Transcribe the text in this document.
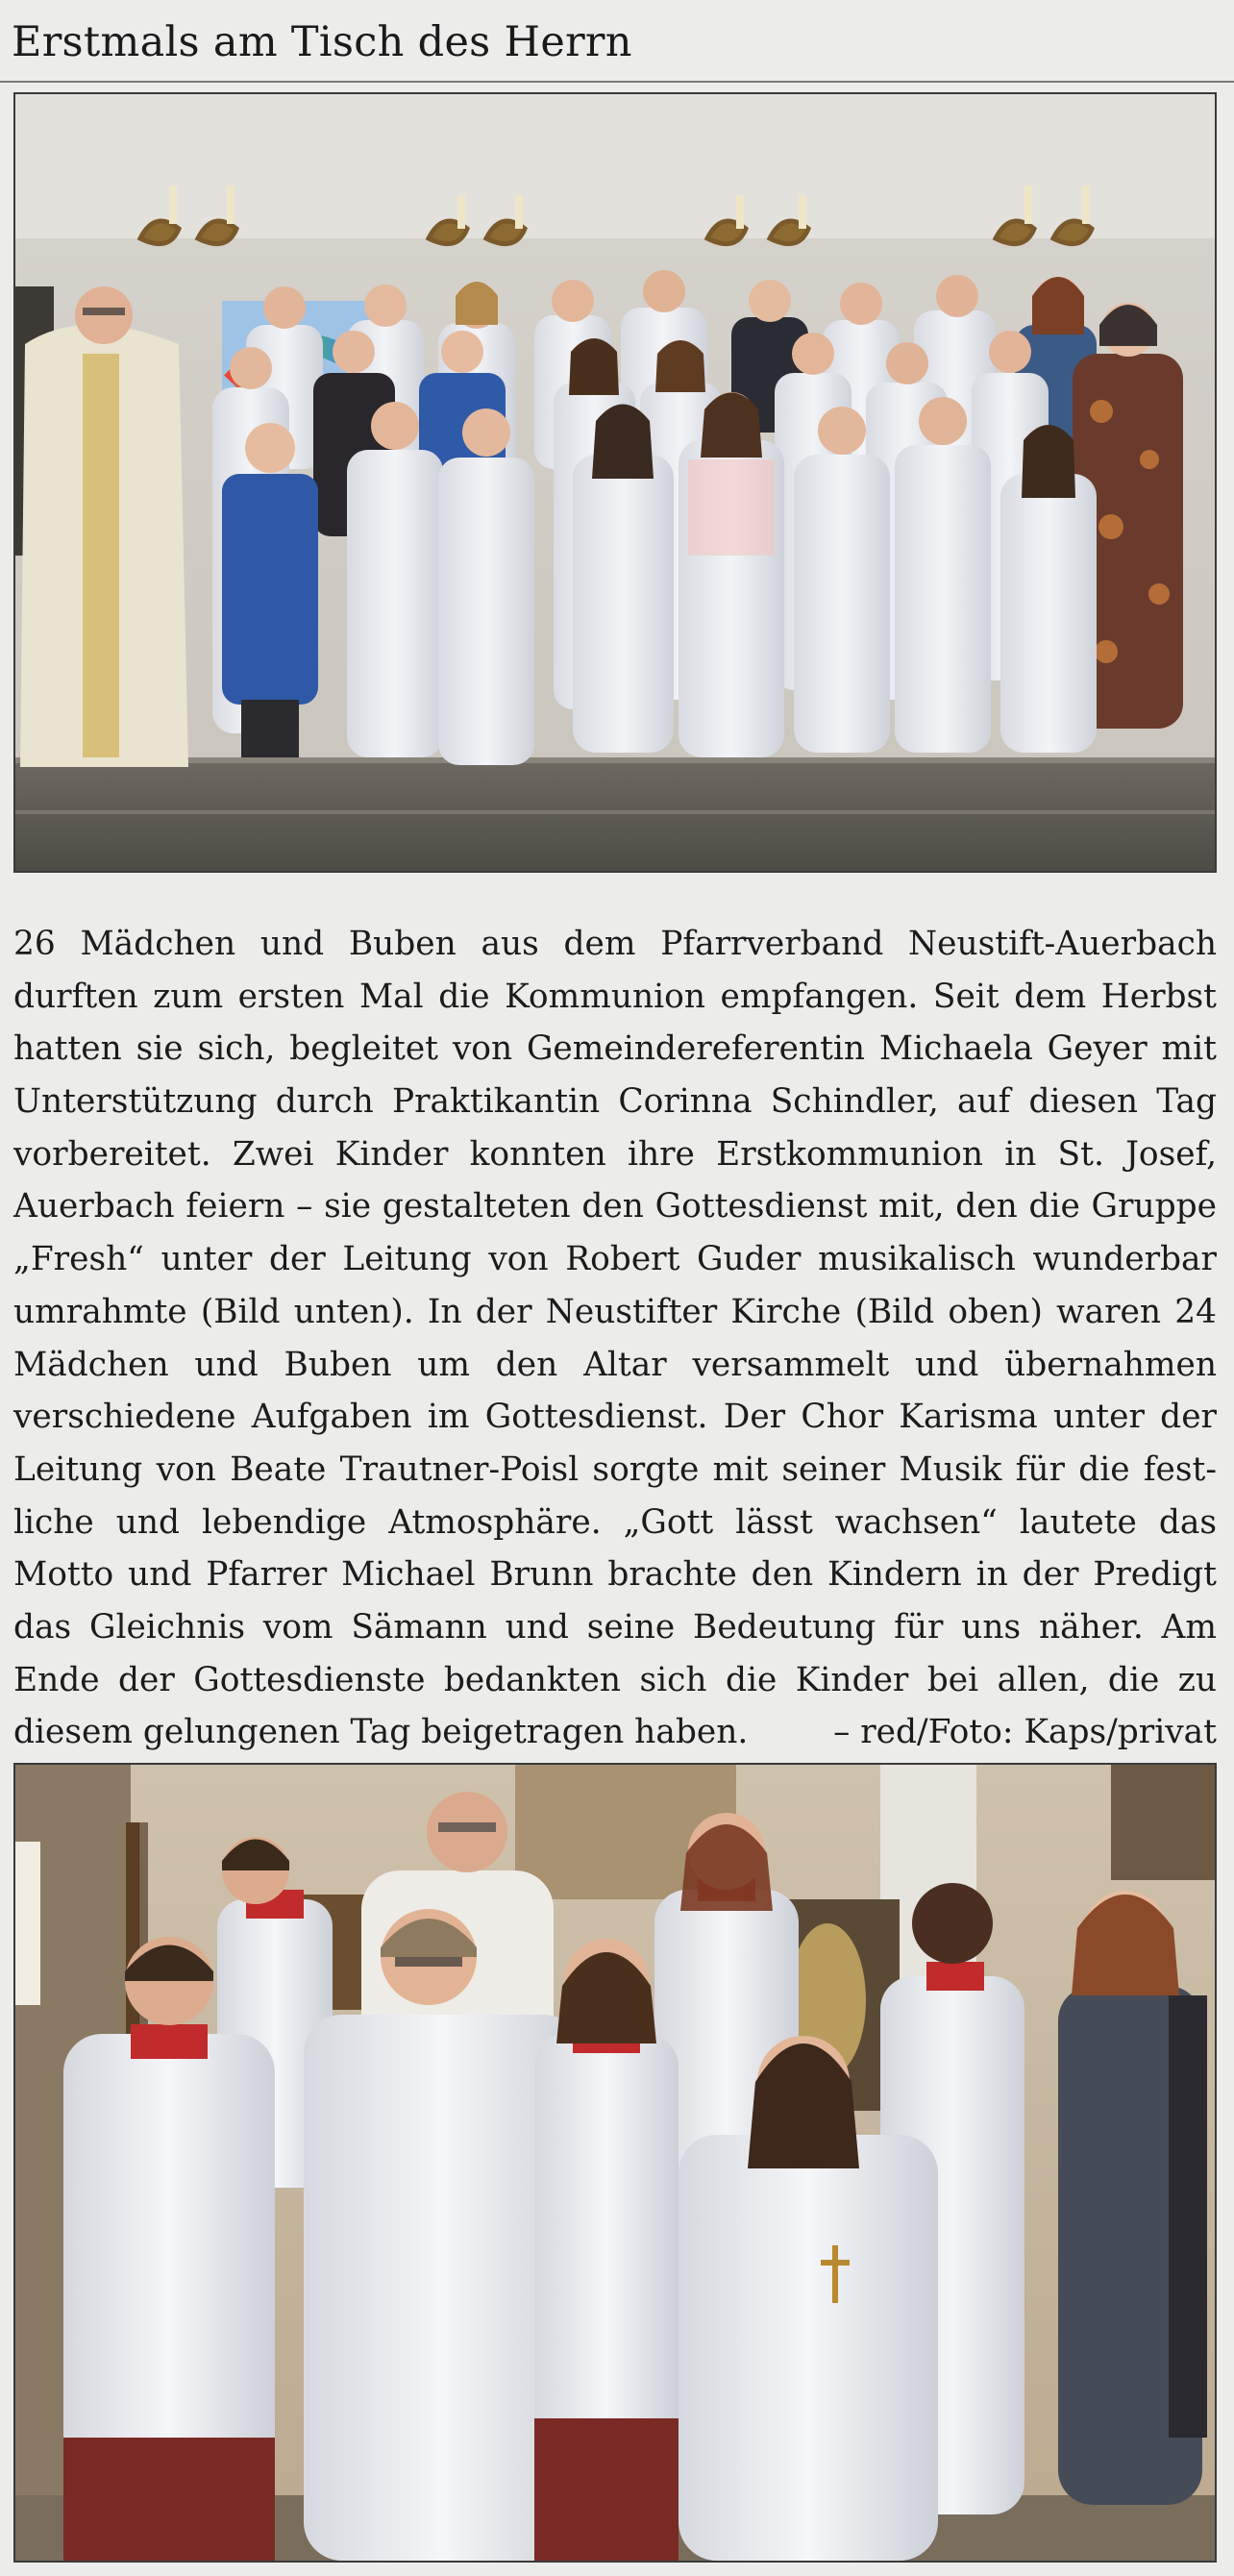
Erstmals am Tisch des Herrn
26 Mädchen und Buben aus dem Pfarrverband Neustift-Auerbach
durften zum ersten Mal die Kommunion empfangen. Seit dem Herbst
hatten sie sich, begleitet von Gemeindereferentin Michaela Geyer mit
Unterstützung durch Praktikantin Corinna Schindler, auf diesen Tag
vorbereitet. Zwei Kinder konnten ihre Erstkommunion in St. Josef,
Auerbach feiern – sie gestalteten den Gottesdienst mit, den die Gruppe
„Fresh“ unter der Leitung von Robert Guder musikalisch wunderbar
umrahmte (Bild unten). In der Neustifter Kirche (Bild oben) waren 24
Mädchen und Buben um den Altar versammelt und übernahmen
verschiedene Aufgaben im Gottesdienst. Der Chor Karisma unter der
Leitung von Beate Trautner-Poisl sorgte mit seiner Musik für die fest-
liche und lebendige Atmosphäre. „Gott lässt wachsen“ lautete das
Motto und Pfarrer Michael Brunn brachte den Kindern in der Predigt
das Gleichnis vom Sämann und seine Bedeutung für uns näher. Am
Ende der Gottesdienste bedankten sich die Kinder bei allen, die zu
diesem gelungenen Tag beigetragen haben.	– red/Foto: Kaps/privat
